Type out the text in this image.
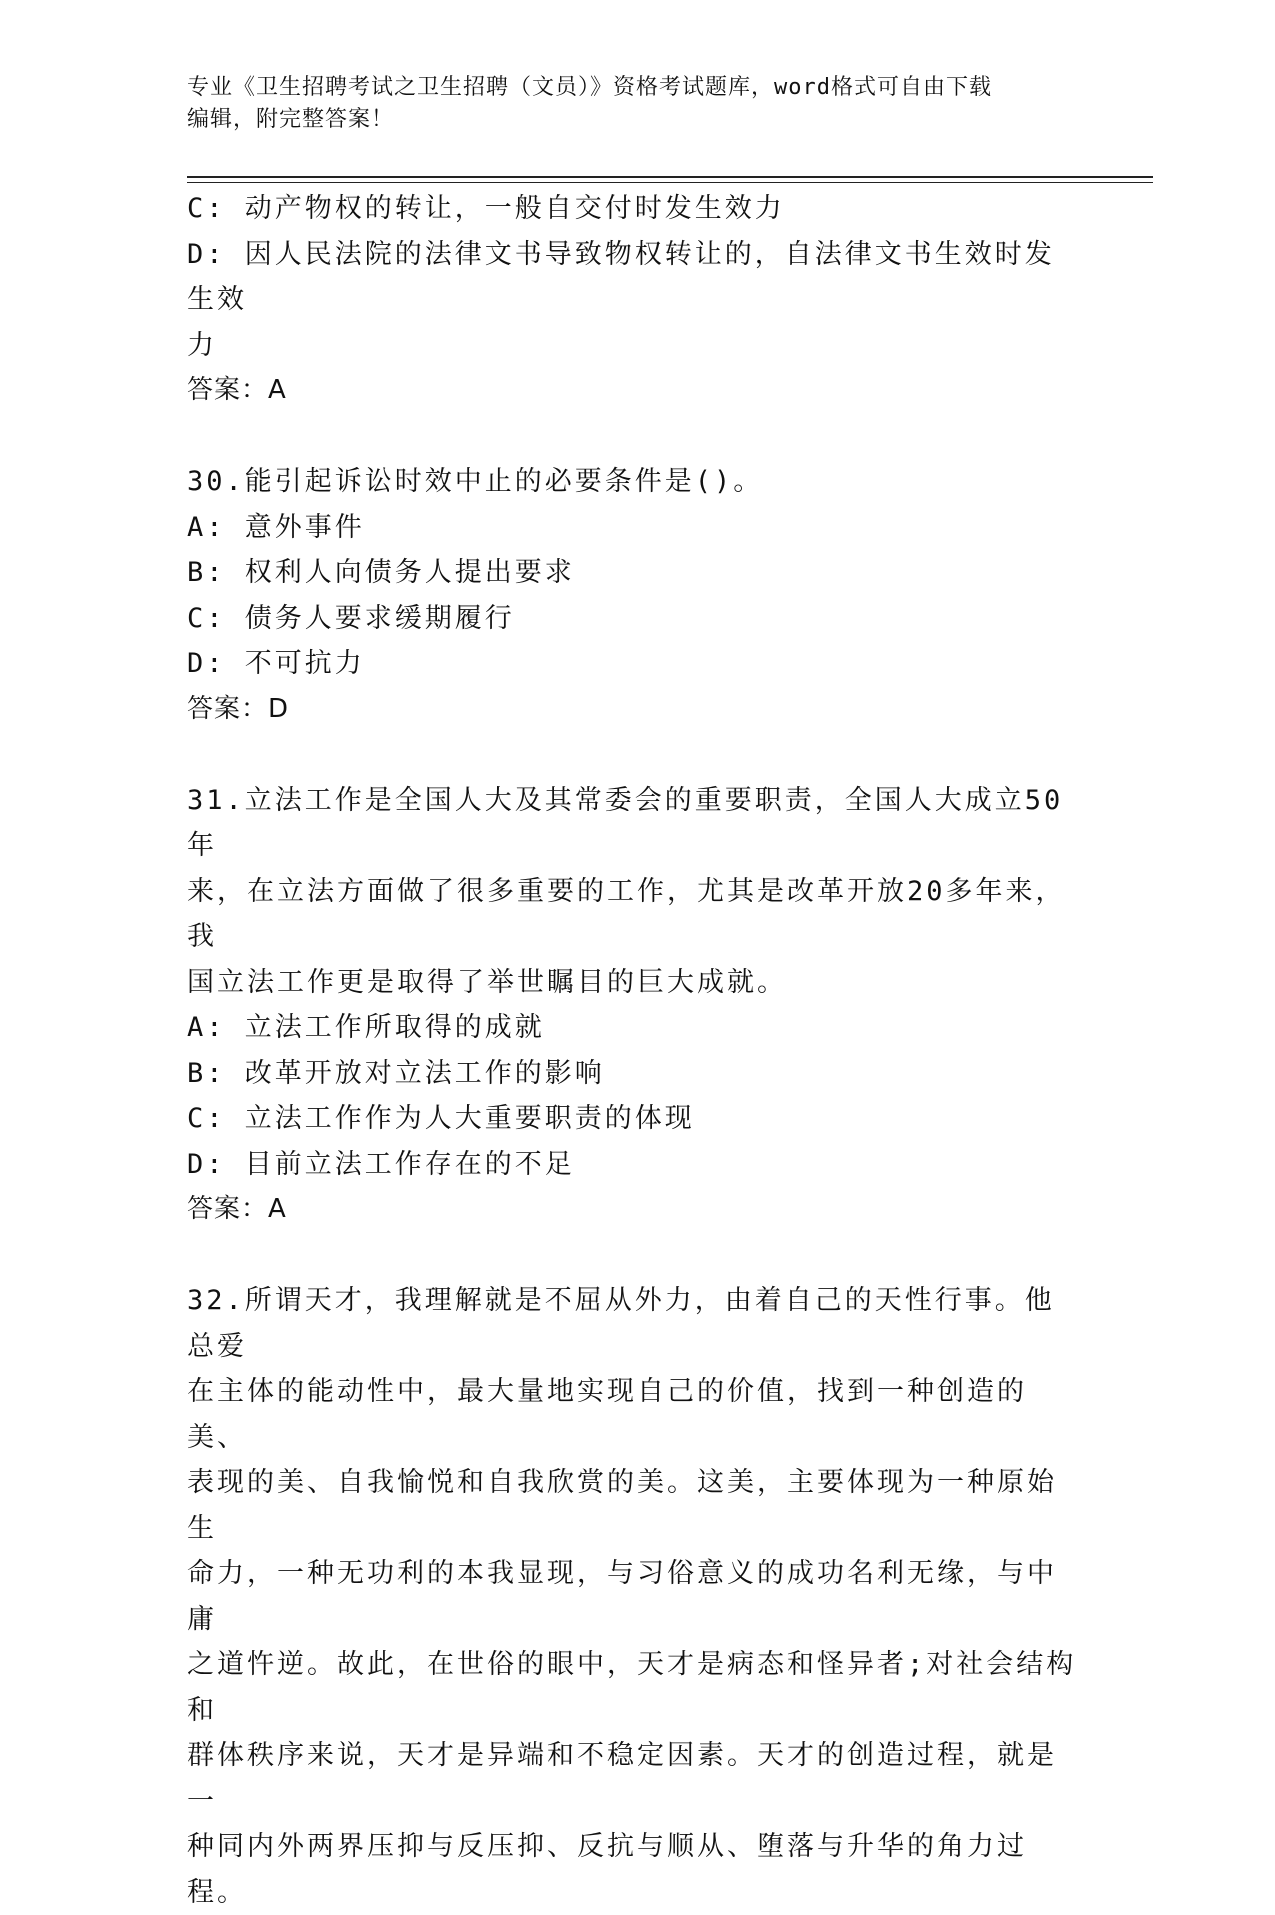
专业《卫生招聘考试之卫生招聘（文员）》资格考试题库，word格式可自由下载
编辑，附完整答案！
C: 动产物权的转让，一般自交付时发生效力
D: 因人民法院的法律文书导致物权转让的，自法律文书生效时发生效
力
答案：A
30.能引起诉讼时效中止的必要条件是()。
A: 意外事件
B: 权利人向债务人提出要求
C: 债务人要求缓期履行
D: 不可抗力
答案：D
31.立法工作是全国人大及其常委会的重要职责，全国人大成立50年
来，在立法方面做了很多重要的工作，尤其是改革开放20多年来，我
国立法工作更是取得了举世瞩目的巨大成就。
A: 立法工作所取得的成就
B: 改革开放对立法工作的影响
C: 立法工作作为人大重要职责的体现
D: 目前立法工作存在的不足
答案：A
32.所谓天才，我理解就是不屈从外力，由着自己的天性行事。他总爱
在主体的能动性中，最大量地实现自己的价值，找到一种创造的美、
表现的美、自我愉悦和自我欣赏的美。这美，主要体现为一种原始生
命力，一种无功利的本我显现，与习俗意义的成功名利无缘，与中庸
之道忤逆。故此，在世俗的眼中，天才是病态和怪异者;对社会结构和
群体秩序来说，天才是异端和不稳定因素。天才的创造过程，就是一
种同内外两界压抑与反压抑、反抗与顺从、堕落与升华的角力过程。
